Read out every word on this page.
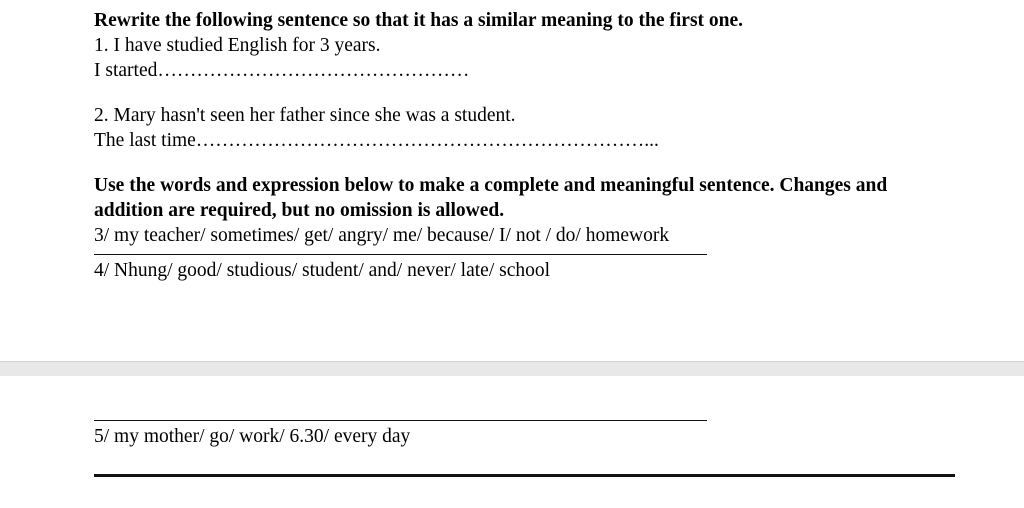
Rewrite the following sentence so that it has a similar meaning to the first one.
1. I have studied English for 3 years.
I started…………………………………………
2. Mary hasn't seen her father since she was a student.
The last time……………………………………………………………...
Use the words and expression below to make a complete and meaningful sentence. Changes and
addition are required, but no omission is allowed.
3/ my teacher/ sometimes/ get/ angry/ me/ because/ I/ not / do/ homework
4/ Nhung/ good/ studious/ student/ and/ never/ late/ school
5/ my mother/ go/ work/ 6.30/ every day
